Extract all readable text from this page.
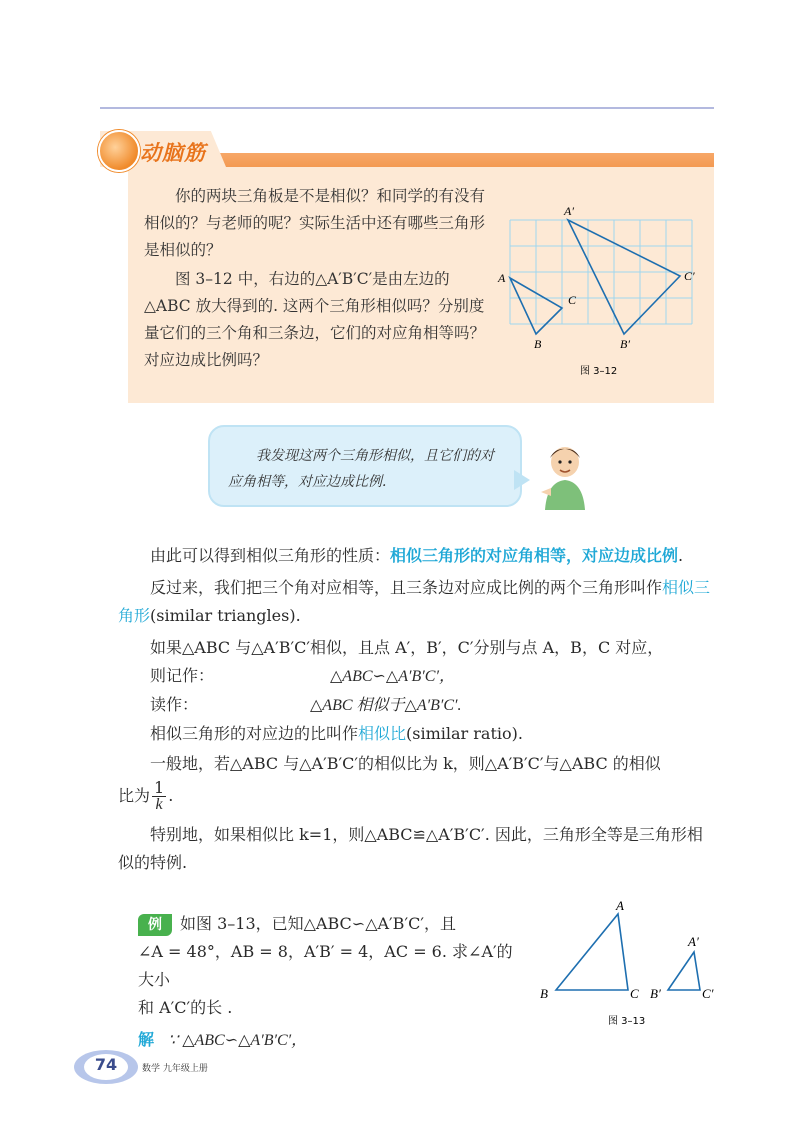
动脑筋

你的两块三角板是不是相似？和同学的有没有相似的？与老师的呢？实际生活中还有哪些三角形是相似的？

图 3–12 中，右边的△A′B′C′是由左边的△ABC 放大得到的. 这两个三角形相似吗？分别度量它们的三个角和三条边，它们的对应角相等吗？对应边成比例吗？

A
C
B
A′
C′
B′
图 3–12
我发现这两个三角形相似，且它们的对应角相等，对应边成比例.

由此可以得到相似三角形的性质：相似三角形的对应角相等，对应边成比例.

反过来，我们把三个角对应相等，且三条边对应成比例的两个三角形叫作相似三角形(similar triangles).

如果△ABC 与△A′B′C′相似，且点 A′，B′，C′分别与点 A，B，C 对应，

则记作：	△ABC∽△A′B′C′，

读作：	△ABC 相似于△A′B′C′.

相似三角形的对应边的比叫作相似比(similar ratio).

一般地，若△ABC 与△A′B′C′的相似比为 k，则△A′B′C′与△ABC 的相似

比为 $\frac{1}{k}$ .

特别地，如果相似比 k=1，则△ABC≌△A′B′C′. 因此，三角形全等是三角形相似的特例.

例 如图 3–13，已知△ABC∽△A′B′C′，且

∠A = 48°，AB = 8，A′B′ = 4，AC = 6. 求∠A′的大小

和 A′C′的长 .

解 ∵ △ABC∽△A′B′C′，

A
B	C
A′
B′	C′
图 3–13
74	数学 九年级上册
